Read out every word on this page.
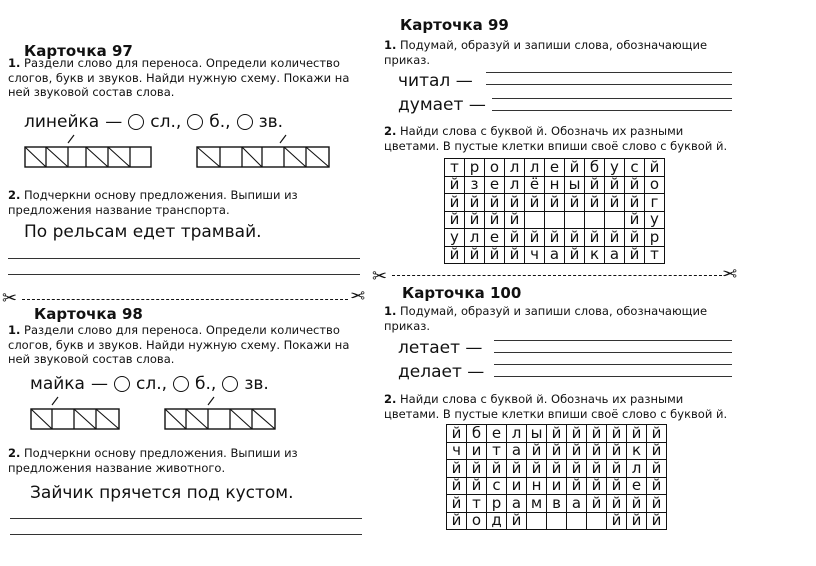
Карточка 97
1. Раздели слово для переноса. Определи количество слогов, букв и звуков. Найди нужную схему. Покажи на ней звуковой состав слова.
линейка — сл., б., зв.
2. Подчеркни основу предложения. Выпиши из предложения название транспорта.
По рельсам едет трамвай.
✂	✂
Карточка 98
1. Раздели слово для переноса. Определи количество слогов, букв и звуков. Найди нужную схему. Покажи на ней звуковой состав слова.
майка — сл., б., зв.
2. Подчеркни основу предложения. Выпиши из предложения название животного.
Зайчик прячется под кустом.
Карточка 99
1. Подумай, образуй и запиши слова, обозначающие приказ.
читал —
думает —
2. Найди слова с буквой й. Обозначь их разными цветами. В пустые клетки впиши своё слово с буквой й.
т	р	о	л	л	е	й	б	у	с	й
й	з	е	л	ё	н	ы	й	й	й	о
й	й	й	й	й	й	й	й	й	й	г
й	й	й	й						й	у
у	л	е	й	й	й	й	й	й	й	р
й	й	й	й	ч	а	й	к	а	й	т
✂	✂
Карточка 100
1. Подумай, образуй и запиши слова, обозначающие приказ.
летает —
делает —
2. Найди слова с буквой й. Обозначь их разными цветами. В пустые клетки впиши своё слово с буквой й.
й	б	е	л	ы	й	й	й	й	й	й
ч	и	т	а	й	й	й	й	й	к	й
й	й	й	й	й	й	й	й	й	л	й
й	й	с	и	н	и	й	й	й	е	й
й	т	р	а	м	в	а	й	й	й	й
й	о	д	й					й	й	й
